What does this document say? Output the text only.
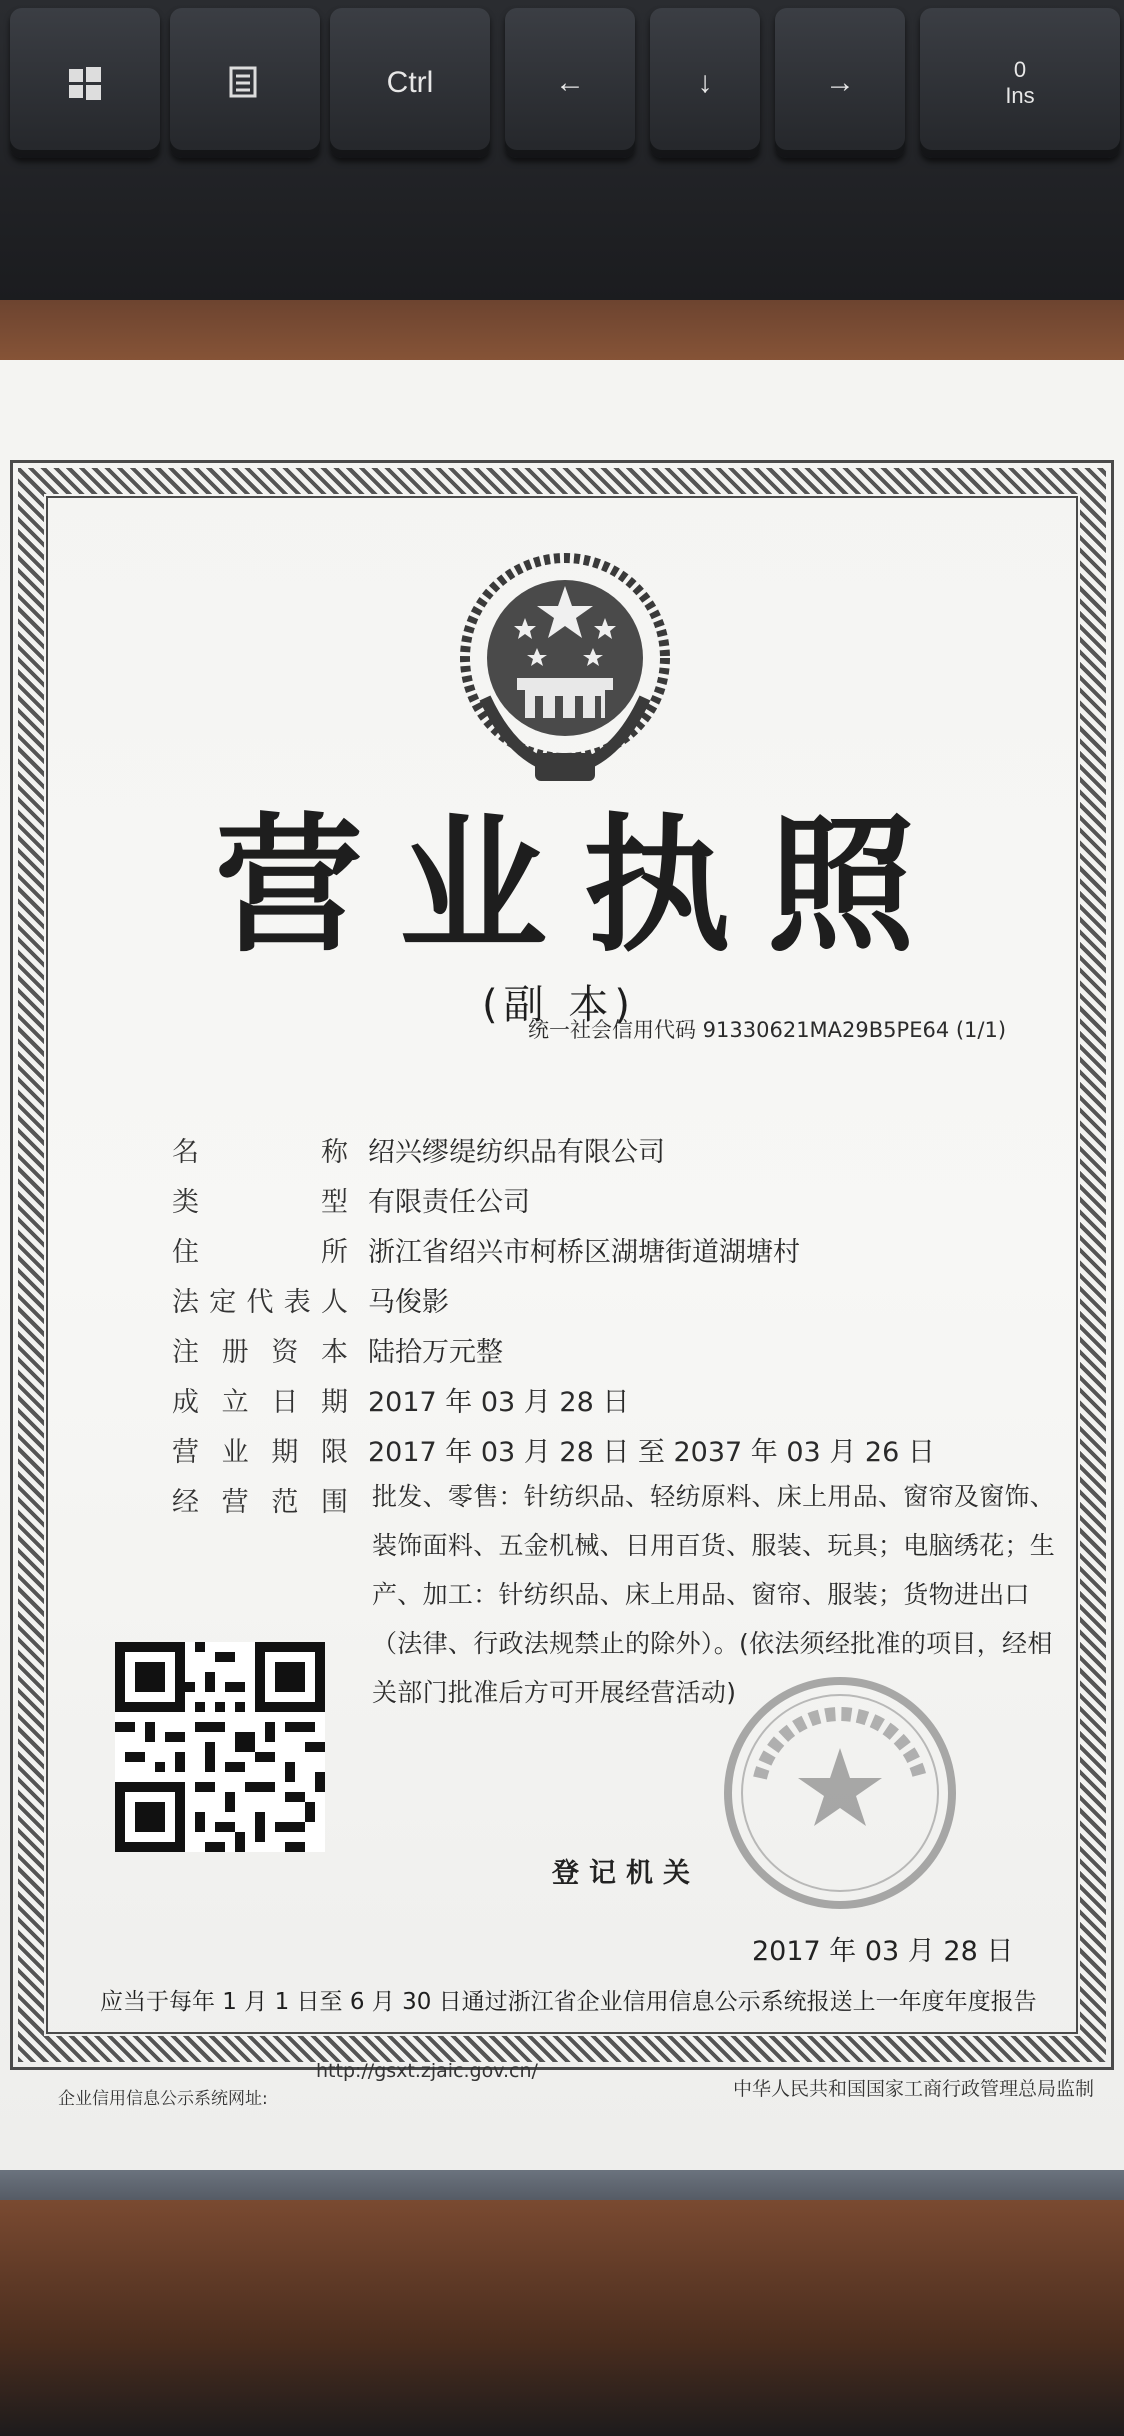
Ctrl	←	↓	→	0
Ins
营 业 执 照
(副 本)
统一社会信用代码 91330621MA29B5PE64 (1/1)
名	称 绍兴缪缇纺织品有限公司
类	型 有限责任公司
住	所 浙江省绍兴市柯桥区湖塘街道湖塘村
法 定 代 表 人 马俊影
注 册 资 本 陆拾万元整
成 立 日 期 2017 年 03 月 28 日
营 业 期 限 2017 年 03 月 28 日 至 2037 年 03 月 26 日
经 营 范 围 批发、零售：针纺织品、轻纺原料、床上用品、窗帘及窗饰、装饰面料、五金机械、日用百货、服装、玩具；电脑绣花；生产、加工：针纺织品、床上用品、窗帘、服装；货物进出口（法律、行政法规禁止的除外）。(依法须经批准的项目，经相关部门批准后方可开展经营活动)
登记机关
2017 年 03 月 28 日
应当于每年 1 月 1 日至 6 月 30 日通过浙江省企业信用信息公示系统报送上一年度年度报告
http://gsxt.zjaic.gov.cn/
企业信用信息公示系统网址:	中华人民共和国国家工商行政管理总局监制
